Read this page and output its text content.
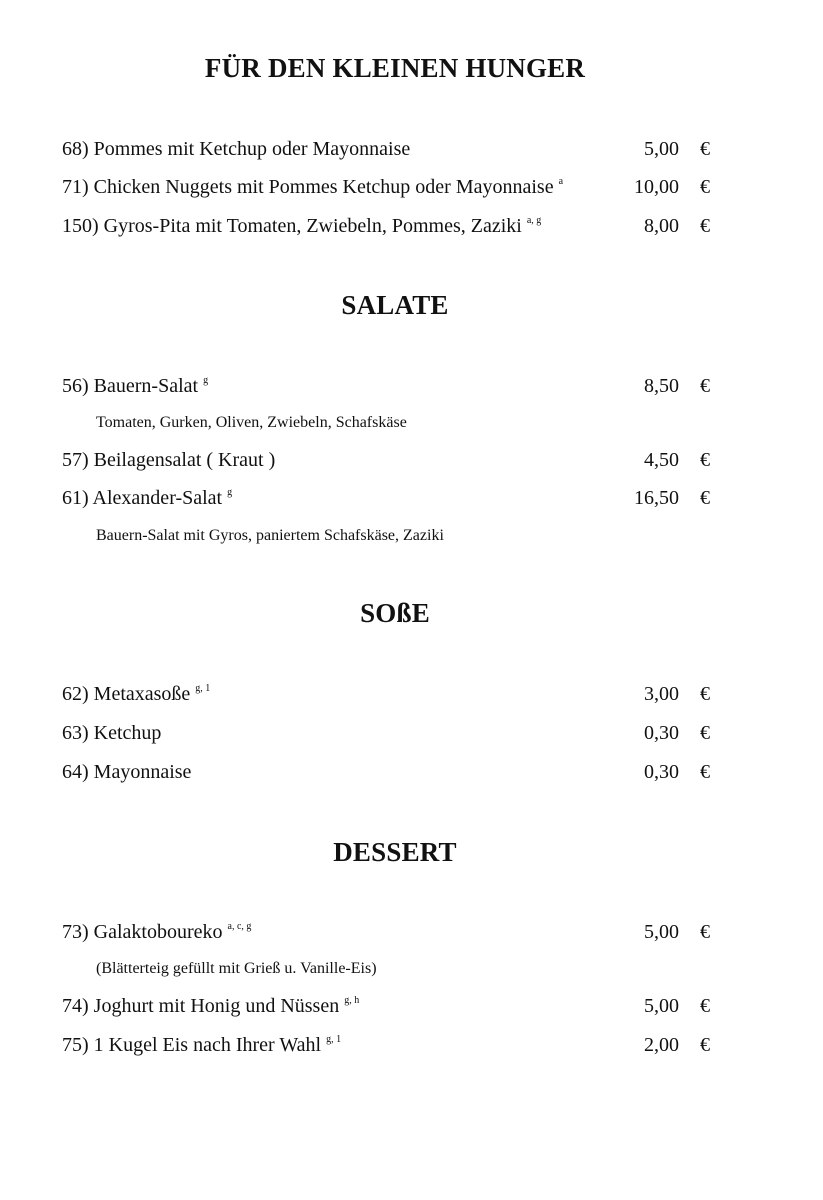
FÜR DEN KLEINEN HUNGER
68) Pommes mit Ketchup oder Mayonnaise	5,00 €
71) Chicken Nuggets mit Pommes Ketchup oder Mayonnaise $^a$	10,00 €
150) Gyros-Pita mit Tomaten, Zwiebeln, Pommes, Zaziki $^{a, g}$	8,00 €
SALATE
56) Bauern-Salat $^g$	8,50 €
Tomaten, Gurken, Oliven, Zwiebeln, Schafskäse
57) Beilagensalat ( Kraut )	4,50 €
61) Alexander-Salat $^g$	16,50 €
Bauern-Salat mit Gyros, paniertem Schafskäse, Zaziki
SOßE
62) Metaxasoße $^{g, 1}$	3,00 €
63) Ketchup	0,30 €
64) Mayonnaise	0,30 €
DESSERT
73) Galaktoboureko $^{a, c, g}$	5,00 €
(Blätterteig gefüllt mit Grieß u. Vanille-Eis)
74) Joghurt mit Honig und Nüssen $^{g, h}$	5,00 €
75) 1 Kugel Eis nach Ihrer Wahl $^{g, 1}$	2,00 €
